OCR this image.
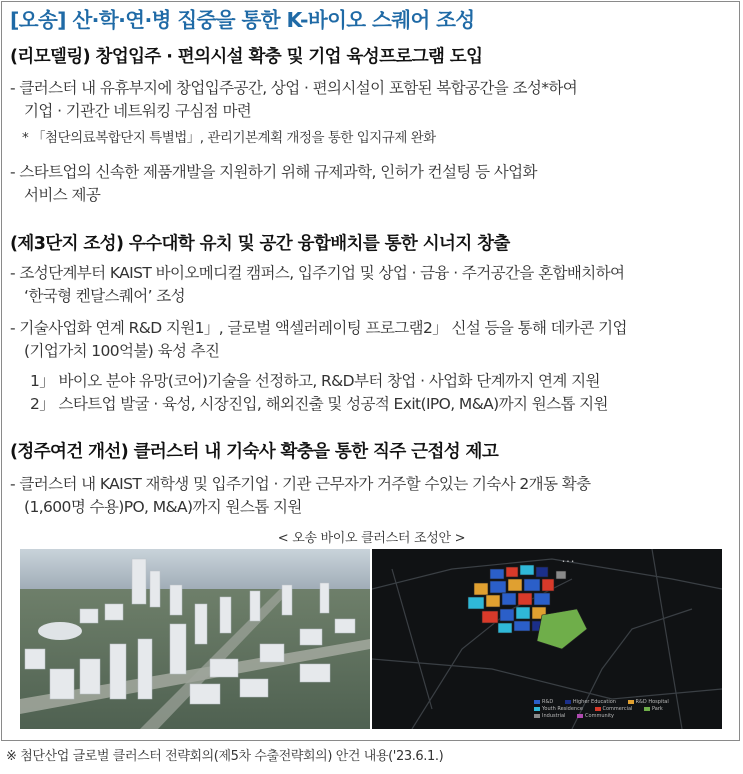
[오송] 산·학·연·병 집중을 통한 K-바이오 스퀘어 조성
(리모델링) 창업입주 · 편의시설 확충 및 기업 육성프로그램 도입
- 클러스터 내 유휴부지에 창업입주공간, 상업 · 편의시설이 포함된 복합공간을 조성*하여
기업 · 기관간 네트워킹 구심점 마련
* 「첨단의료복합단지 특별법」, 관리기본계획 개정을 통한 입지규제 완화
- 스타트업의 신속한 제품개발을 지원하기 위해 규제과학, 인허가 컨설팅 등 사업화
서비스 제공
(제3단지 조성) 우수대학 유치 및 공간 융합배치를 통한 시너지 창출
- 조성단계부터 KAIST 바이오메디컬 캠퍼스, 입주기업 및 상업 · 금융 · 주거공간을 혼합배치하여
‘한국형 켄달스퀘어’ 조성
- 기술사업화 연계 R&D 지원1」, 글로벌 액셀러레이팅 프로그램2」 신설 등을 통해 데카콘 기업
(기업가치 100억불) 육성 추진
1」 바이오 분야 유망(코어)기술을 선정하고, R&D부터 창업 · 사업화 단계까지 연계 지원
2」 스타트업 발굴 · 육성, 시장진입, 해외진출 및 성공적 Exit(IPO, M&A)까지 원스톱 지원
(정주여건 개선) 클러스터 내 기숙사 확충을 통한 직주 근접성 제고
- 클러스터 내 KAIST 재학생 및 입주기업 · 기관 근무자가 거주할 수있는 기숙사 2개동 확충
(1,600명 수용)PO, M&A)까지 원스톱 지원
< 오송 바이오 클러스터 조성안 >
• • •
R&D	Higher Education	R&D Hospital
Youth Residence	Commercial	Park
Industrial	Community
※ 첨단산업 글로벌 클러스터 전략회의(제5차 수출전략회의) 안건 내용('23.6.1.)
